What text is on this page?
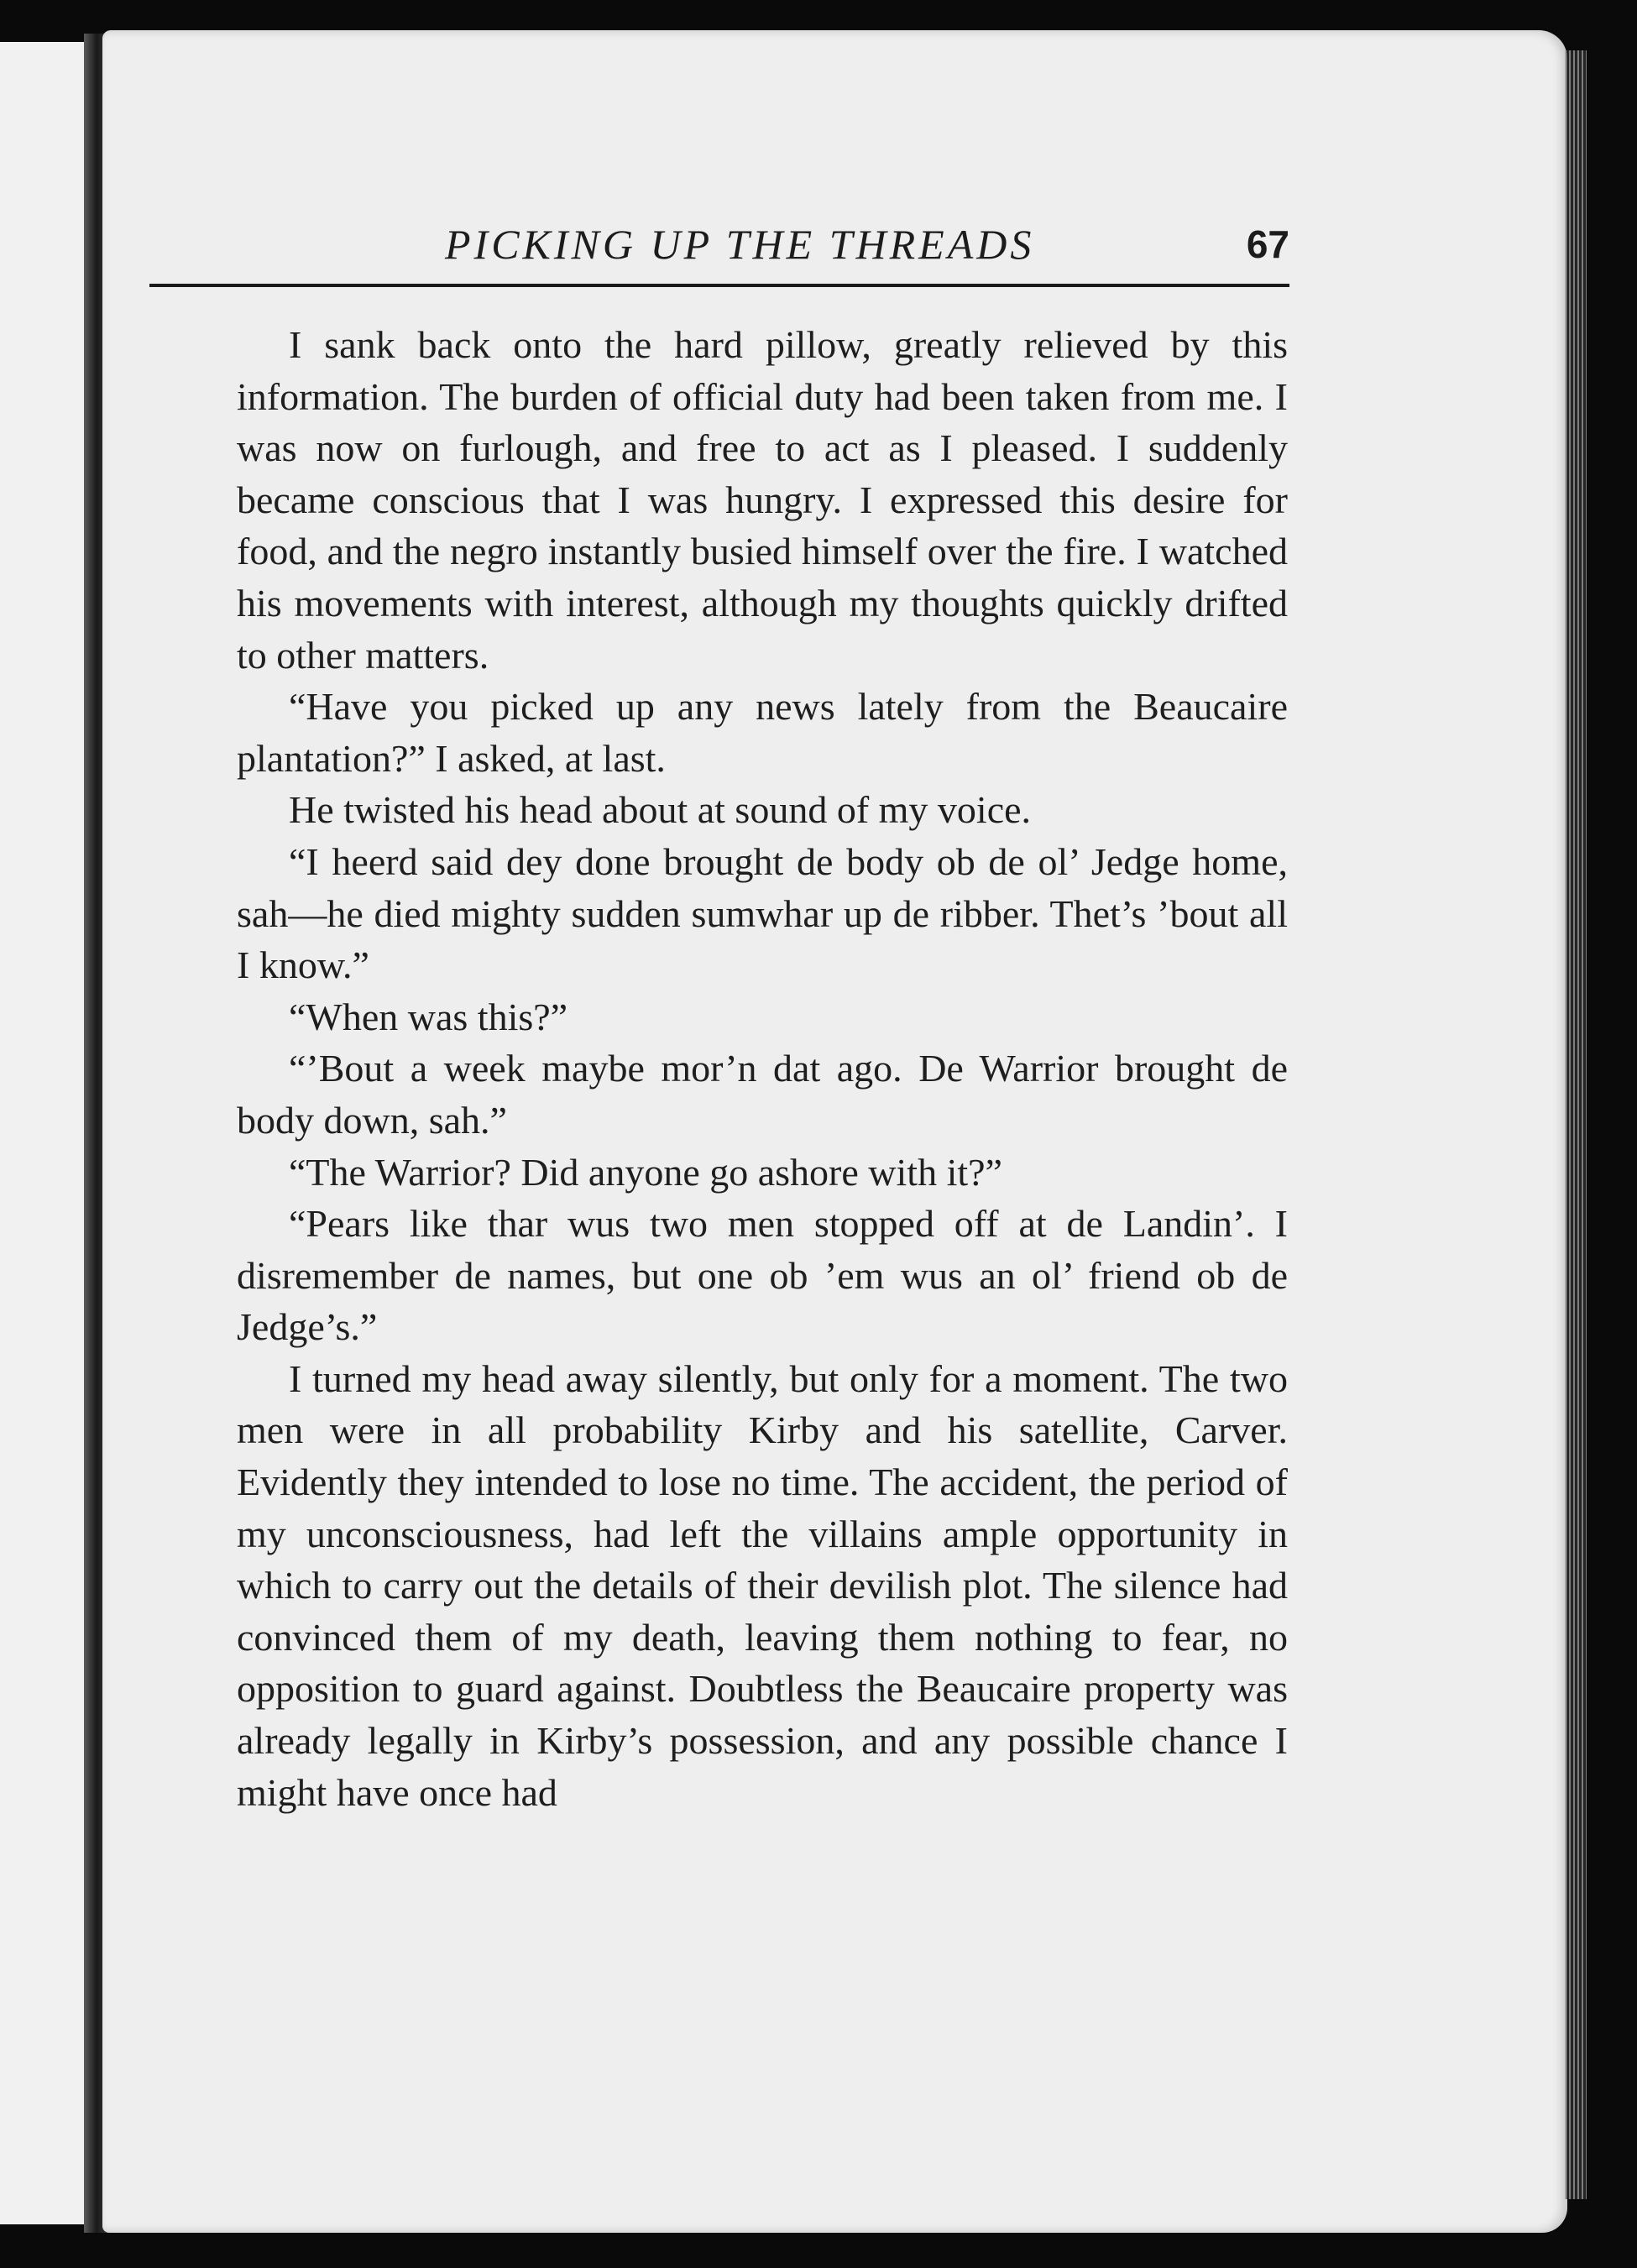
PICKING UP THE THREADS	67

I sank back onto the hard pillow, greatly relieved by this information. The burden of official duty had been taken from me. I was now on furlough, and free to act as I pleased. I suddenly became conscious that I was hungry. I expressed this desire for food, and the negro instantly busied himself over the fire. I watched his movements with interest, although my thoughts quickly drifted to other matters.

“Have you picked up any news lately from the Beaucaire plantation?” I asked, at last.

He twisted his head about at sound of my voice.

“I heerd said dey done brought de body ob de ol’ Jedge home, sah—he died mighty sudden sumwhar up de ribber. Thet’s ’bout all I know.”

“When was this?”

“’Bout a week maybe mor’n dat ago. De Warrior brought de body down, sah.”

“The Warrior? Did anyone go ashore with it?”

“Pears like thar wus two men stopped off at de Landin’. I disremember de names, but one ob ’em wus an ol’ friend ob de Jedge’s.”

I turned my head away silently, but only for a moment. The two men were in all probability Kirby and his satellite, Carver. Evidently they intended to lose no time. The accident, the period of my unconsciousness, had left the villains ample opportunity in which to carry out the details of their devilish plot. The silence had convinced them of my death, leaving them nothing to fear, no opposition to guard against. Doubtless the Beaucaire property was already legally in Kirby’s possession, and any possible chance I might have once had
